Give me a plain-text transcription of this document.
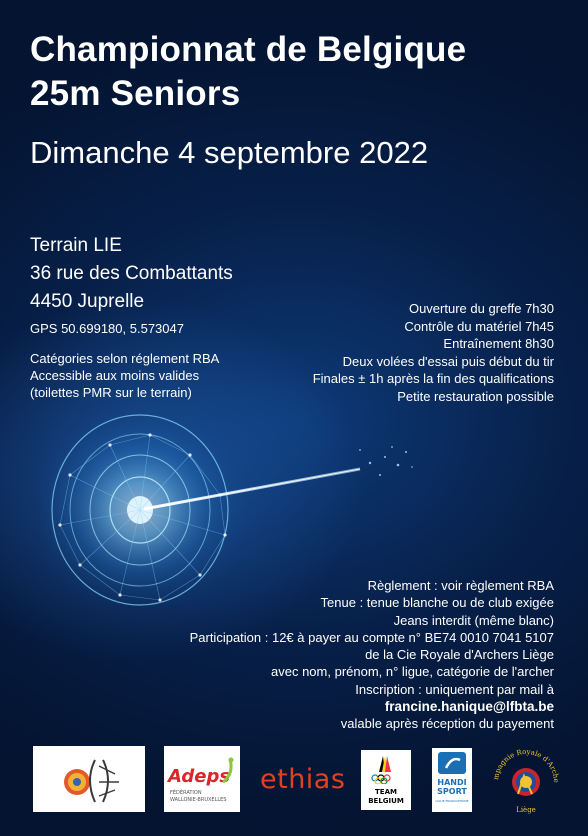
Championnat de Belgique
25m Seniors
Dimanche 4 septembre 2022
Terrain LIE
36 rue des Combattants
4450 Juprelle
GPS 50.699180, 5.573047
Catégories selon réglement RBA
Accessible aux moins valides
(toilettes PMR sur le terrain)
Ouverture du greffe 7h30
Contrôle du matériel 7h45
Entraînement 8h30
Deux volées d'essai puis début du tir
Finales ± 1h après la fin des qualifications
Petite restauration possible
Règlement : voir règlement RBA
Tenue : tenue blanche ou de club exigée
Jeans interdit (même blanc)
Participation : 12€ à payer au compte n° BE74 0010 7041 5107
de la Cie Royale d'Archers Liège
avec nom, prénom, n° ligue, catégorie de l'archer
Inscription : uniquement par mail à
francine.hanique@lfbta.be
valable après réception du payement
Adeps
FÉDÉRATION
WALLONIE-BRUXELLES
ethias	TEAM
BELGIUM
HANDI
SPORT
LIGUE FRANCOPHONE
mpagnie Royale d'Arche
Liège
